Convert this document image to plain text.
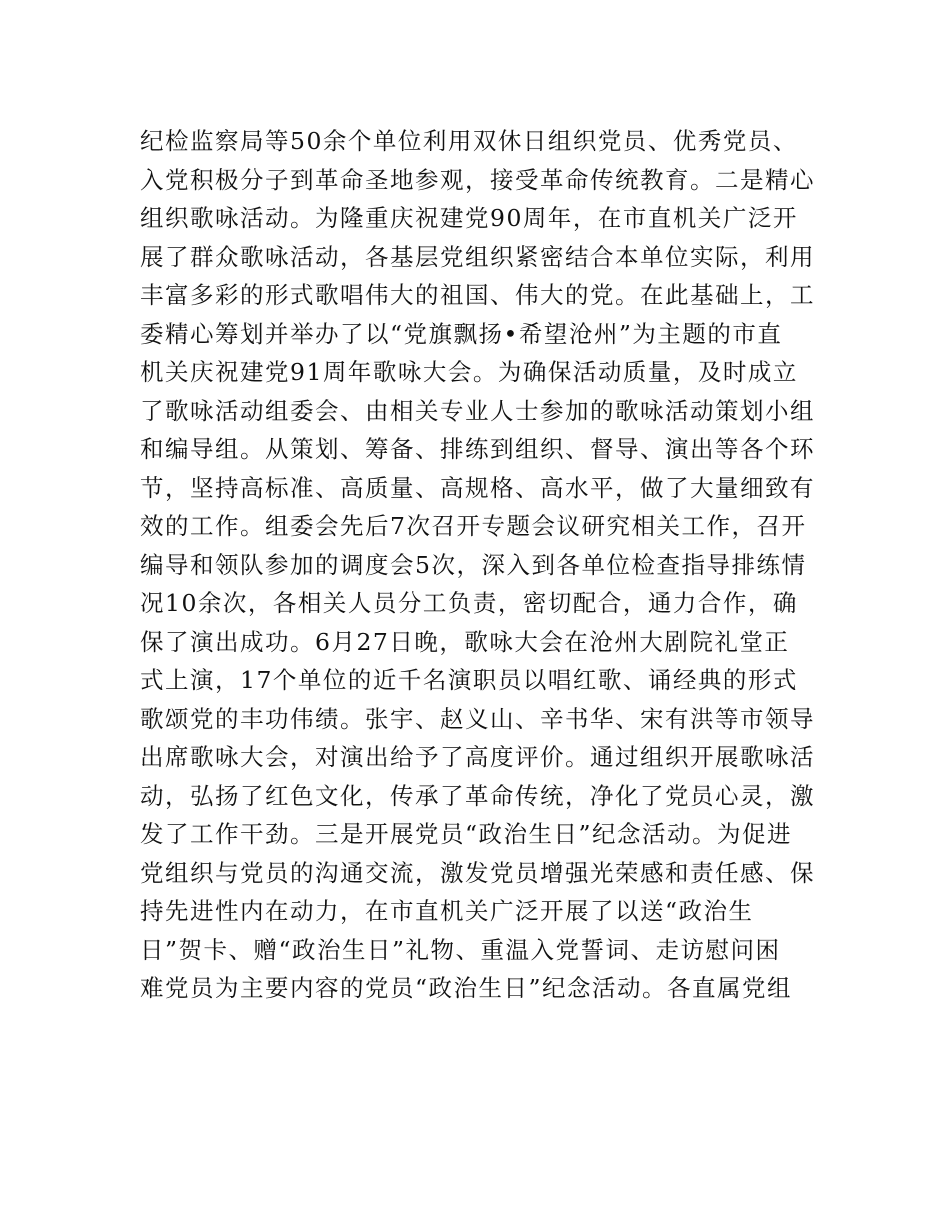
纪检监察局等50余个单位利用双休日组织党员、优秀党员、
入党积极分子到革命圣地参观，接受革命传统教育。二是精心
组织歌咏活动。为隆重庆祝建党90周年，在市直机关广泛开
展了群众歌咏活动，各基层党组织紧密结合本单位实际，利用
丰富多彩的形式歌唱伟大的祖国、伟大的党。在此基础上，工
委精心筹划并举办了以“党旗飘扬•希望沧州”为主题的市直
机关庆祝建党91周年歌咏大会。为确保活动质量，及时成立
了歌咏活动组委会、由相关专业人士参加的歌咏活动策划小组
和编导组。从策划、筹备、排练到组织、督导、演出等各个环
节，坚持高标准、高质量、高规格、高水平，做了大量细致有
效的工作。组委会先后7次召开专题会议研究相关工作，召开
编导和领队参加的调度会5次，深入到各单位检查指导排练情
况10余次，各相关人员分工负责，密切配合，通力合作，确
保了演出成功。6月27日晚，歌咏大会在沧州大剧院礼堂正
式上演，17个单位的近千名演职员以唱红歌、诵经典的形式
歌颂党的丰功伟绩。张宇、赵义山、辛书华、宋有洪等市领导
出席歌咏大会，对演出给予了高度评价。通过组织开展歌咏活
动，弘扬了红色文化，传承了革命传统，净化了党员心灵，激
发了工作干劲。三是开展党员“政治生日”纪念活动。为促进
党组织与党员的沟通交流，激发党员增强光荣感和责任感、保
持先进性内在动力，在市直机关广泛开展了以送“政治生
日”贺卡、赠“政治生日”礼物、重温入党誓词、走访慰问困
难党员为主要内容的党员“政治生日”纪念活动。各直属党组
